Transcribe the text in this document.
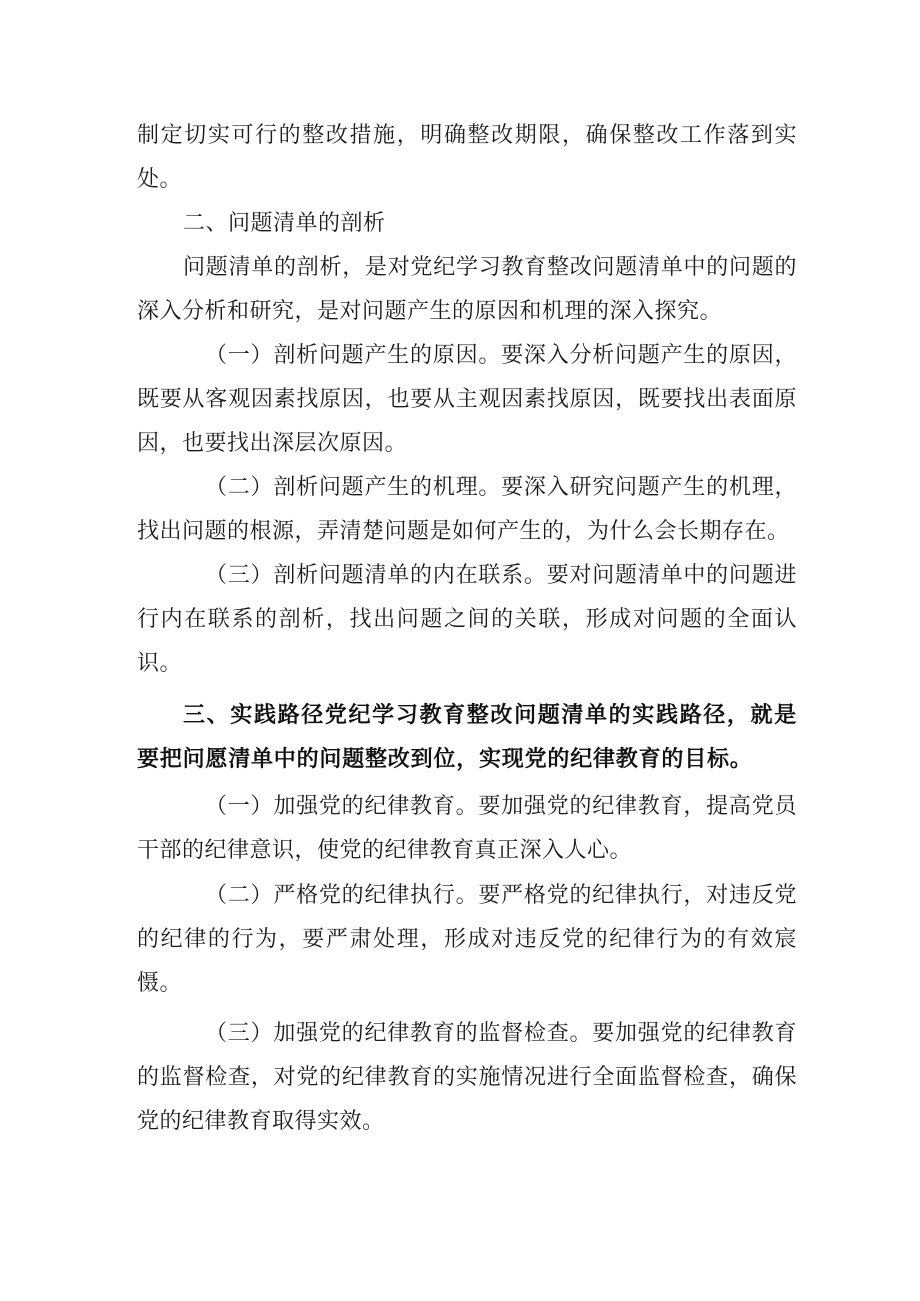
制定切实可行的整改措施，明确整改期限，确保整改工作落到实处。

二、问题清单的剖析

问题清单的剖析，是对党纪学习教育整改问题清单中的问题的深入分析和研究，是对问题产生的原因和机理的深入探究。

（一）剖析问题产生的原因。要深入分析问题产生的原因，既要从客观因素找原因，也要从主观因素找原因，既要找出表面原因，也要找出深层次原因。

（二）剖析问题产生的机理。要深入研究问题产生的机理，找出问题的根源，弄清楚问题是如何产生的，为什么会长期存在。

（三）剖析问题清单的内在联系。要对问题清单中的问题进行内在联系的剖析，找出问题之间的关联，形成对问题的全面认识。

三、实践路径党纪学习教育整改问题清单的实践路径，就是要把问愿清单中的问题整改到位，实现党的纪律教育的目标。

（一）加强党的纪律教育。要加强党的纪律教育，提高党员干部的纪律意识，使党的纪律教育真正深入人心。

（二）严格党的纪律执行。要严格党的纪律执行，对违反党的纪律的行为，要严肃处理，形成对违反党的纪律行为的有效宸慑。

（三）加强党的纪律教育的监督检查。要加强党的纪律教育的监督检查，对党的纪律教育的实施情况进行全面监督检查，确保党的纪律教育取得实效。
